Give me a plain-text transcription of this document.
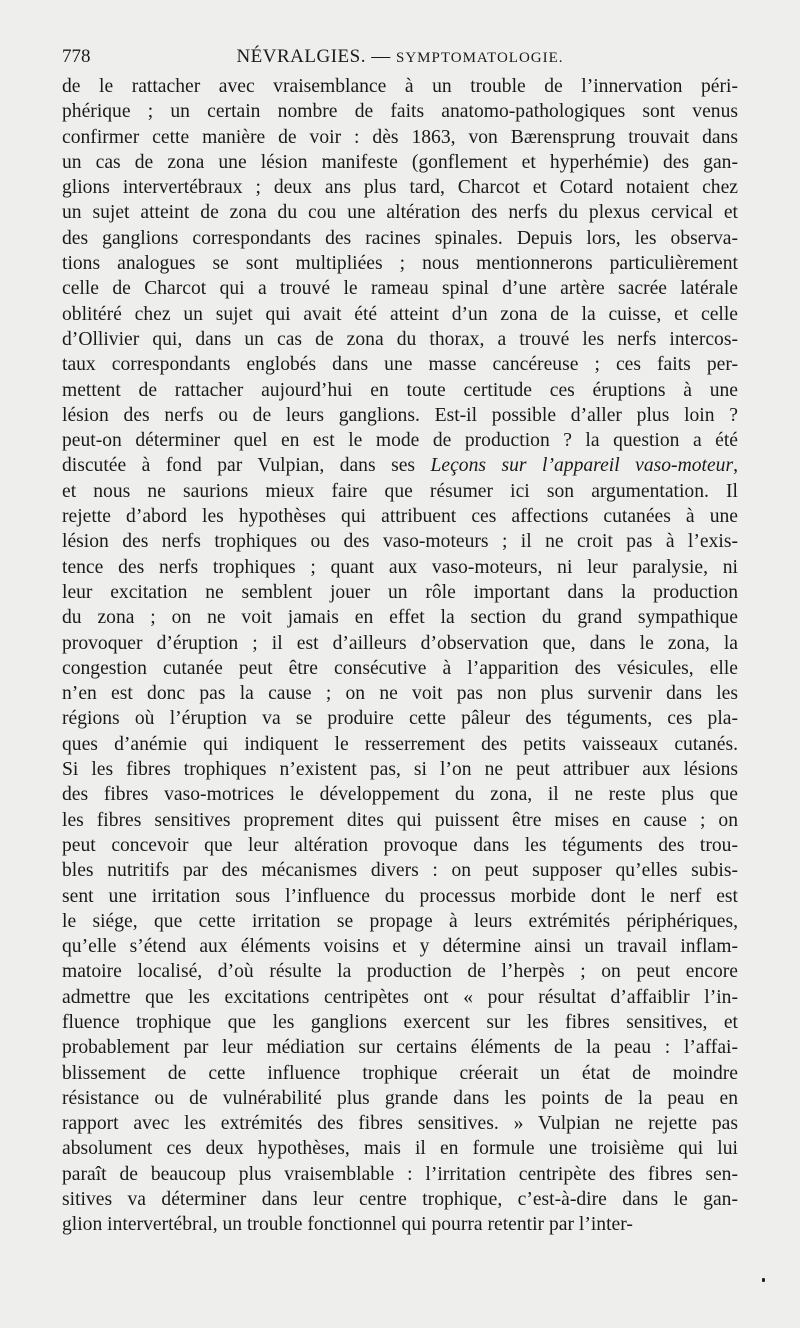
778	NÉVRALGIES. — SYMPTOMATOLOGIE.
de le rattacher avec vraisemblance à un trouble de l’innervation péri-
phérique ; un certain nombre de faits anatomo-pathologiques sont venus
confirmer cette manière de voir : dès 1863, von Bærensprung trouvait dans
un cas de zona une lésion manifeste (gonflement et hyperhémie) des gan-
glions intervertébraux ; deux ans plus tard, Charcot et Cotard notaient chez
un sujet atteint de zona du cou une altération des nerfs du plexus cervical et
des ganglions correspondants des racines spinales. Depuis lors, les observa-
tions analogues se sont multipliées ; nous mentionnerons particulièrement
celle de Charcot qui a trouvé le rameau spinal d’une artère sacrée latérale
oblitéré chez un sujet qui avait été atteint d’un zona de la cuisse, et celle
d’Ollivier qui, dans un cas de zona du thorax, a trouvé les nerfs intercos-
taux correspondants englobés dans une masse cancéreuse ; ces faits per-
mettent de rattacher aujourd’hui en toute certitude ces éruptions à une
lésion des nerfs ou de leurs ganglions. Est-il possible d’aller plus loin ?
peut-on déterminer quel en est le mode de production ? la question a été
discutée à fond par Vulpian, dans ses Leçons sur l’appareil vaso-moteur,
et nous ne saurions mieux faire que résumer ici son argumentation. Il
rejette d’abord les hypothèses qui attribuent ces affections cutanées à une
lésion des nerfs trophiques ou des vaso-moteurs ; il ne croit pas à l’exis-
tence des nerfs trophiques ; quant aux vaso-moteurs, ni leur paralysie, ni
leur excitation ne semblent jouer un rôle important dans la production
du zona ; on ne voit jamais en effet la section du grand sympathique
provoquer d’éruption ; il est d’ailleurs d’observation que, dans le zona, la
congestion cutanée peut être consécutive à l’apparition des vésicules, elle
n’en est donc pas la cause ; on ne voit pas non plus survenir dans les
régions où l’éruption va se produire cette pâleur des téguments, ces pla-
ques d’anémie qui indiquent le resserrement des petits vaisseaux cutanés.
Si les fibres trophiques n’existent pas, si l’on ne peut attribuer aux lésions
des fibres vaso-motrices le développement du zona, il ne reste plus que
les fibres sensitives proprement dites qui puissent être mises en cause ; on
peut concevoir que leur altération provoque dans les téguments des trou-
bles nutritifs par des mécanismes divers : on peut supposer qu’elles subis-
sent une irritation sous l’influence du processus morbide dont le nerf est
le siége, que cette irritation se propage à leurs extrémités périphériques,
qu’elle s’étend aux éléments voisins et y détermine ainsi un travail inflam-
matoire localisé, d’où résulte la production de l’herpès ; on peut encore
admettre que les excitations centripètes ont « pour résultat d’affaiblir l’in-
fluence trophique que les ganglions exercent sur les fibres sensitives, et
probablement par leur médiation sur certains éléments de la peau : l’affai-
blissement de cette influence trophique créerait un état de moindre
résistance ou de vulnérabilité plus grande dans les points de la peau en
rapport avec les extrémités des fibres sensitives. » Vulpian ne rejette pas
absolument ces deux hypothèses, mais il en formule une troisième qui lui
paraît de beaucoup plus vraisemblable : l’irritation centripète des fibres sen-
sitives va déterminer dans leur centre trophique, c’est-à-dire dans le gan-
glion intervertébral, un trouble fonctionnel qui pourra retentir par l’inter-
